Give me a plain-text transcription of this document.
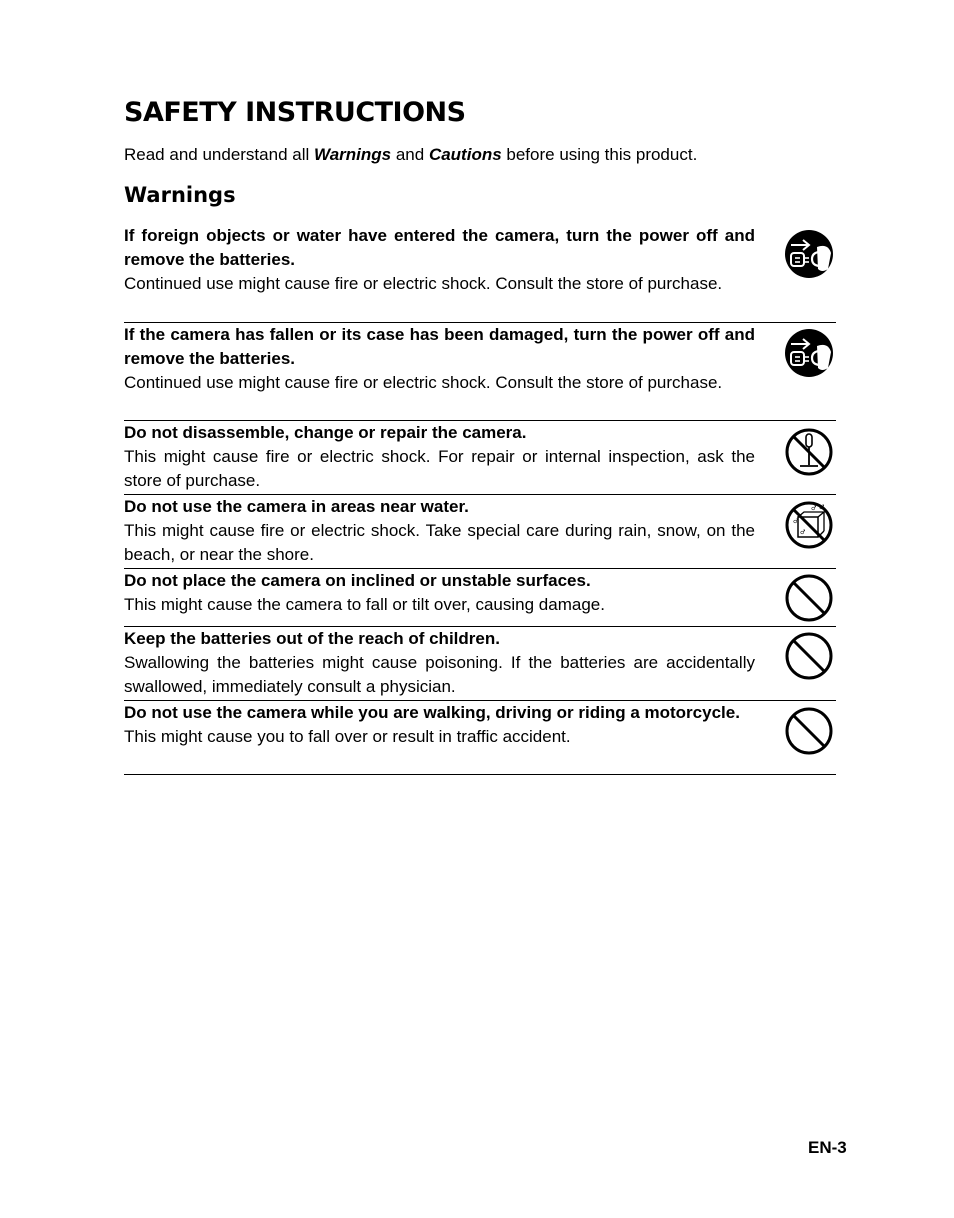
SAFETY INSTRUCTIONS

Read and understand all Warnings and Cautions before using this product.

Warnings

If foreign objects or water have entered the camera, turn the power off and remove the batteries.

Continued use might cause fire or electric shock. Consult the store of purchase.

If the camera has fallen or its case has been damaged, turn the power off and remove the batteries.

Continued use might cause fire or electric shock. Consult the store of purchase.

Do not disassemble, change or repair the camera.

This might cause fire or electric shock. For repair or internal inspection, ask the store of purchase.

Do not use the camera in areas near water.

This might cause fire or electric shock. Take special care during rain, snow, on the beach, or near the shore.

♂
♂ ♂
♂

Do not place the camera on inclined or unstable surfaces.

This might cause the camera to fall or tilt over, causing damage.

Keep the batteries out of the reach of children.

Swallowing the batteries might cause poisoning. If the batteries are accidentally swallowed, immediately consult a physician.

Do not use the camera while you are walking, driving or riding a motorcycle.

This might cause you to fall over or result in traffic accident.

EN-3
